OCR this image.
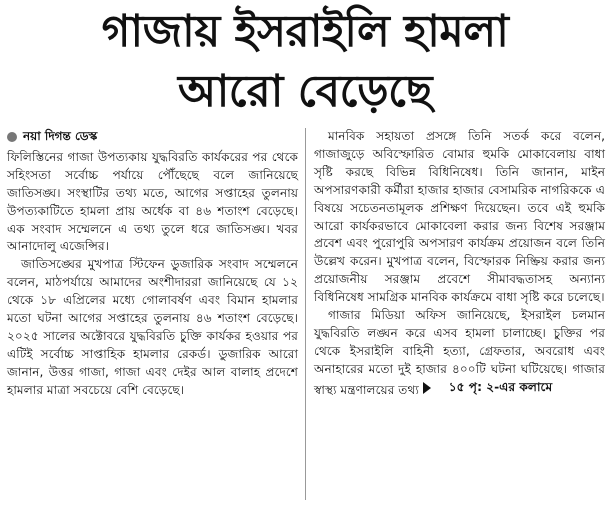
গাজায় ইসরাইলি হামলা
আরো বেড়েছে
নয়া দিগন্ত ডেস্ক

ফিলিস্তিনের গাজা উপত্যকায় যুদ্ধবিরতি কার্যকরের পর থেকে সহিংসতা সর্বোচ্চ পর্যায়ে পৌঁছেছে বলে জানিয়েছে জাতিসঙ্ঘ। সংস্থাটির তথ্য মতে, আগের সপ্তাহের তুলনায় উপত্যকাটিতে হামলা প্রায় অর্ধেক বা ৪৬ শতাংশ বেড়েছে। এক সংবাদ সম্মেলনে এ তথ্য তুলে ধরে জাতিসঙ্ঘ। খবর আনাদোলু এজেন্সির।

জাতিসঙ্ঘের মুখপাত্র স্টিফেন ডুজারিক সংবাদ সম্মেলনে বলেন, মাঠপর্যায়ে আমাদের অংশীদাররা জানিয়েছে যে ১২ থেকে ১৮ এপ্রিলের মধ্যে গোলাবর্ষণ এবং বিমান হামলার মতো ঘটনা আগের সপ্তাহের তুলনায় ৪৬ শতাংশ বেড়েছে। ২০২৫ সালের অক্টোবরে যুদ্ধবিরতি চুক্তি কার্যকর হওয়ার পর এটিই সর্বোচ্চ সাপ্তাহিক হামলার রেকর্ড। ডুজারিক আরো জানান, উত্তর গাজা, গাজা এবং দেইর আল বালাহ প্রদেশে হামলার মাত্রা সবচেয়ে বেশি বেড়েছে।

মানবিক সহায়তা প্রসঙ্গে তিনি সতর্ক করে বলেন, গাজাজুড়ে অবিস্ফোরিত বোমার হুমকি মোকাবেলায় বাধা সৃষ্টি করছে বিভিন্ন বিধিনিষেধ। তিনি জানান, মাইন অপসারণকারী কর্মীরা হাজার হাজার বেসামরিক নাগরিককে এ বিষয়ে সচেতনতামূলক প্রশিক্ষণ দিয়েছেন। তবে এই হুমকি আরো কার্যকরভাবে মোকাবেলা করার জন্য বিশেষ সরঞ্জাম প্রবেশ এবং পুরোপুরি অপসারণ কার্যক্রম প্রয়োজন বলে তিনি উল্লেখ করেন। মুখপাত্র বলেন, বিস্ফোরক নিষ্ক্রিয় করার জন্য প্রয়োজনীয় সরঞ্জাম প্রবেশে সীমাবদ্ধতাসহ অন্যান্য বিধিনিষেধ সামগ্রিক মানবিক কার্যক্রমে বাধা সৃষ্টি করে চলেছে।

গাজার মিডিয়া অফিস জানিয়েছে, ইসরাইল চলমান যুদ্ধবিরতি লঙ্ঘন করে এসব হামলা চালাচ্ছে। চুক্তির পর থেকে ইসরাইলি বাহিনী হত্যা, গ্রেফতার, অবরোধ এবং অনাহারের মতো দুই হাজার ৪০০টি ঘটনা ঘটিয়েছে। গাজার স্বাস্থ্য মন্ত্রণালয়ের তথ্য	১৫ পৃ: ২-এর কলামে
